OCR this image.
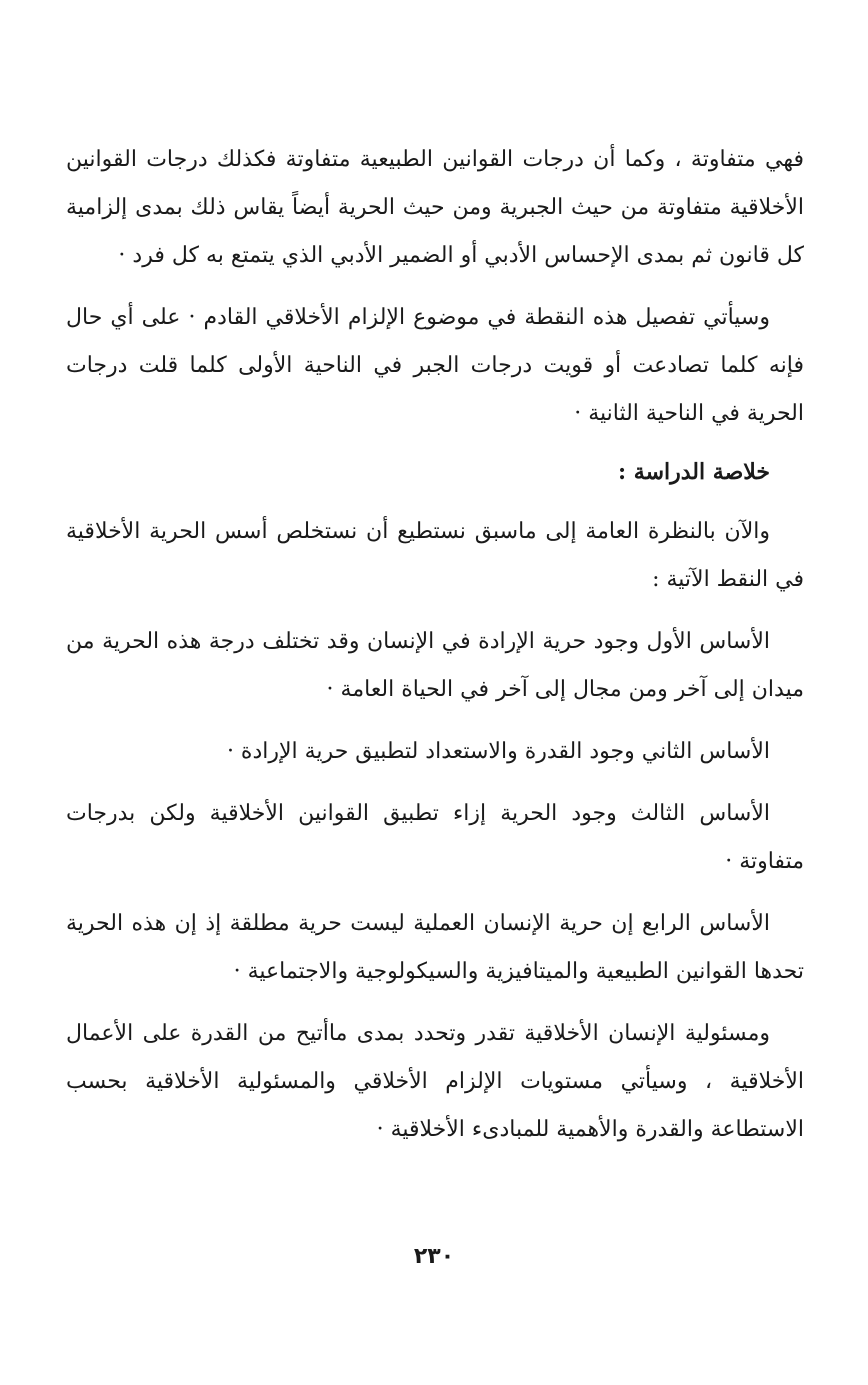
فهي متفاوتة ، وكما أن درجات القوانين الطبيعية متفاوتة فكذلك درجات القوانين الأخلاقية متفاوتة من حيث الجبرية ومن حيث الحرية أيضاً يقاس ذلك بمدى إلزامية كل قانون ثم بمدى الإحساس الأدبي أو الضمير الأدبي الذي يتمتع به كل فرد ·

وسيأتي تفصيل هذه النقطة في موضوع الإلزام الأخلاقي القادم · على أي حال فإنه كلما تصادعت أو قويت درجات الجبر في الناحية الأولى كلما قلت درجات الحرية في الناحية الثانية ·

خلاصة الدراسة :

والآن بالنظرة العامة إلى ماسبق نستطيع أن نستخلص أسس الحرية الأخلاقية في النقط الآتية :

الأساس الأول وجود حرية الإرادة في الإنسان وقد تختلف درجة هذه الحرية من ميدان إلى آخر ومن مجال إلى آخر في الحياة العامة ·

الأساس الثاني وجود القدرة والاستعداد لتطبيق حرية الإرادة ·

الأساس الثالث وجود الحرية إزاء تطبيق القوانين الأخلاقية ولكن بدرجات متفاوتة ·

الأساس الرابع إن حرية الإنسان العملية ليست حرية مطلقة إذ إن هذه الحرية تحدها القوانين الطبيعية والميتافيزية والسيكولوجية والاجتماعية ·

ومسئولية الإنسان الأخلاقية تقدر وتحدد بمدى ماأتيح من القدرة على الأعمال الأخلاقية ، وسيأتي مستويات الإلزام الأخلاقي والمسئولية الأخلاقية بحسب الاستطاعة والقدرة والأهمية للمبادىء الأخلاقية ·

٢٣٠
